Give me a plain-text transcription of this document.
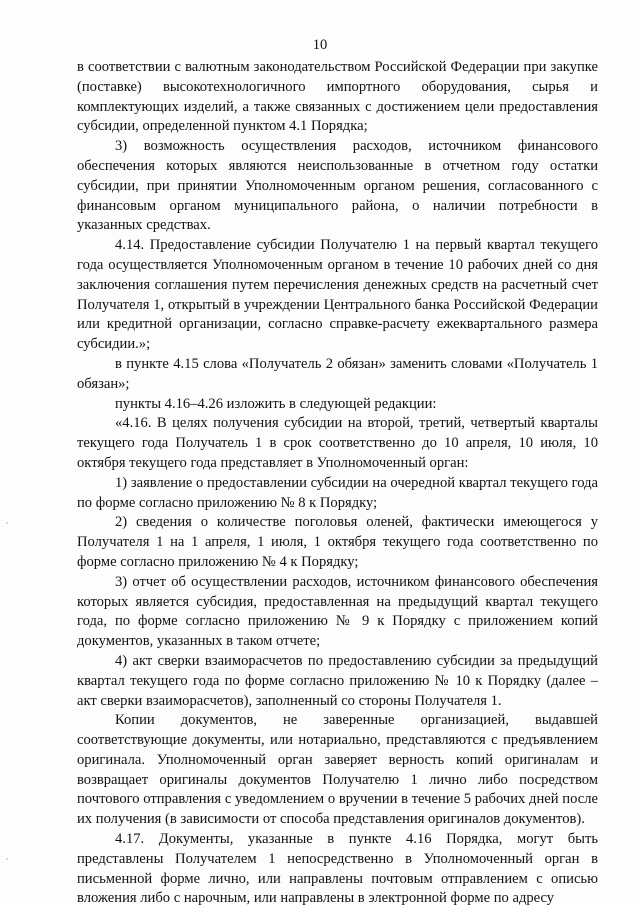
10

в соответствии с валютным законодательством Российской Федерации при закупке (поставке) высокотехнологичного импортного оборудования, сырья и комплектующих изделий, а также связанных с достижением цели предоставления субсидии, определенной пунктом 4.1 Порядка;

3) возможность осуществления расходов, источником финансового обеспечения которых являются неиспользованные в отчетном году остатки субсидии, при принятии Уполномоченным органом решения, согласованного с финансовым органом муниципального района, о наличии потребности в указанных средствах.

4.14. Предоставление субсидии Получателю 1 на первый квартал текущего года осуществляется Уполномоченным органом в течение 10 рабочих дней со дня заключения соглашения путем перечисления денежных средств на расчетный счет Получателя 1, открытый в учреждении Центрального банка Российской Федерации или кредитной организации, согласно справке-расчету ежеквартального размера субсидии.»;

в пункте 4.15 слова «Получатель 2 обязан» заменить словами «Получатель 1 обязан»;

пункты 4.16–4.26 изложить в следующей редакции:

«4.16. В целях получения субсидии на второй, третий, четвертый кварталы текущего года Получатель 1 в срок соответственно до 10 апреля, 10 июля, 10 октября текущего года представляет в Уполномоченный орган:

1) заявление о предоставлении субсидии на очередной квартал текущего года по форме согласно приложению № 8 к Порядку;

2) сведения о количестве поголовья оленей, фактически имеющегося у Получателя 1 на 1 апреля, 1 июля, 1 октября текущего года соответственно по форме согласно приложению № 4 к Порядку;

3) отчет об осуществлении расходов, источником финансового обеспечения которых является субсидия, предоставленная на предыдущий квартал текущего года, по форме согласно приложению № 9 к Порядку с приложением копий документов, указанных в таком отчете;

4) акт сверки взаиморасчетов по предоставлению субсидии за предыдущий квартал текущего года по форме согласно приложению № 10 к Порядку (далее – акт сверки взаиморасчетов), заполненный со стороны Получателя 1.

Копии документов, не заверенные организацией, выдавшей соответствующие документы, или нотариально, представляются с предъявлением оригинала. Уполномоченный орган заверяет верность копий оригиналам и возвращает оригиналы документов Получателю 1 лично либо посредством почтового отправления с уведомлением о вручении в течение 5 рабочих дней после их получения (в зависимости от способа представления оригиналов документов).

4.17. Документы, указанные в пункте 4.16 Порядка, могут быть представлены Получателем 1 непосредственно в Уполномоченный орган в письменной форме лично, или направлены почтовым отправлением с описью вложения либо с нарочным, или направлены в электронной форме по адресу
